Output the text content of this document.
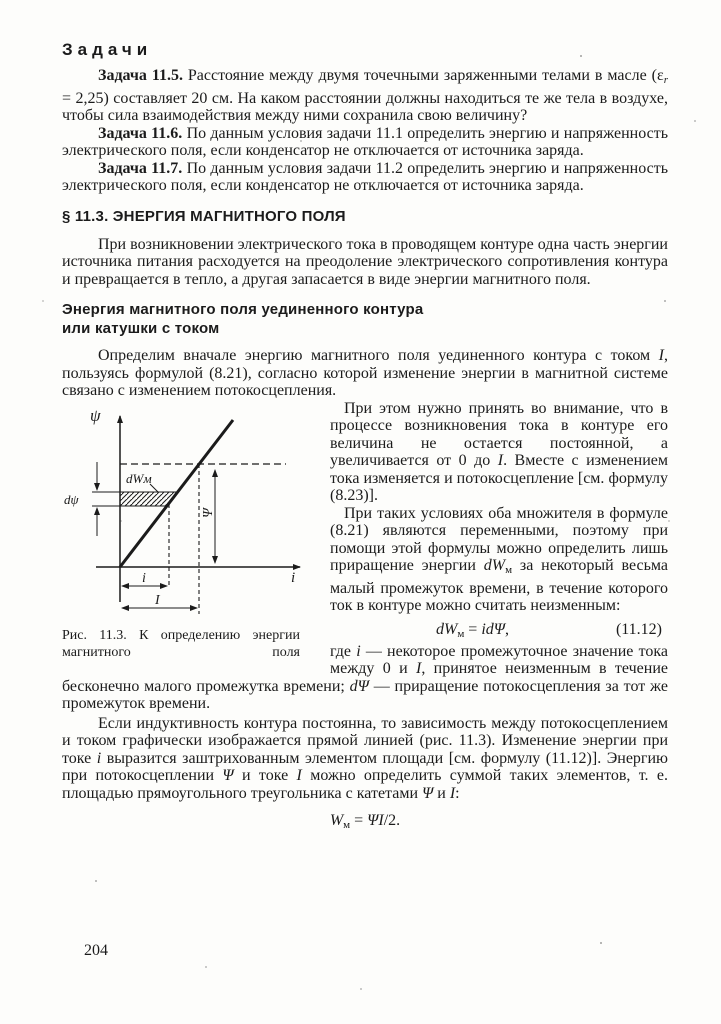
Задачи

Задача 11.5. Расстояние между двумя точечными заряженными телами в масле $(\varepsilon_r = 2,25)$ составляет 20 см. На каком расстоянии должны находиться те же тела в воздухе, чтобы сила взаимодействия между ними сохранила свою величину?

Задача 11.6. По данным условия задачи 11.1 определить энергию и напряженность электрического поля, если конденсатор не отключается от источника заряда.

Задача 11.7. По данным условия задачи 11.2 определить энергию и напряженность электрического поля, если конденсатор не отключается от источника заряда.

§ 11.3. ЭНЕРГИЯ МАГНИТНОГО ПОЛЯ

При возникновении электрического тока в проводящем контуре одна часть энергии источника питания расходуется на преодоление электрического сопротивления контура и превращается в тепло, а другая запасается в виде энергии магнитного поля.

Энергия магнитного поля уединенного контура
или катушки с током

Определим вначале энергию магнитного поля уединенного контура с током I, пользуясь формулой (8.21), согласно которой изменение энергии в магнитной системе связано с изменением потокосцепления.

ψ
i
dWм
dψ
Ψ
i
I
Рис. 11.3. К определению энергии магнитного поля

При этом нужно принять во внимание, что в процессе возникновения тока в контуре его величина не остается постоянной, а увеличивается от 0 до I. Вместе с изменением тока изменяется и потокосцепление [см. формулу (8.23)].

При таких условиях оба множителя в формуле (8.21) являются переменными, поэтому при помощи этой формулы можно определить лишь приращение энергии $dW_м$ за некоторый весьма малый промежуток времени, в течение которого ток в контуре можно считать неизменным:

$dW_м = id\Psi$,	(11.12)

где i — некоторое промежуточное значение тока между 0 и I, принятое неизменным в течение бесконечно малого промежутка времени; dΨ — приращение потокосцепления за тот же промежуток времени.

Если индуктивность контура постоянна, то зависимость между потокосцеплением и током графически изображается прямой линией (рис. 11.3). Изменение энергии при токе i выразится заштрихованным элементом площади [см. формулу (11.12)]. Энергию при потокосцеплении Ψ и токе I можно определить суммой таких элементов, т. е. площадью прямоугольного треугольника с катетами Ψ и I:

$W_м = \Psi I/2$.
204
